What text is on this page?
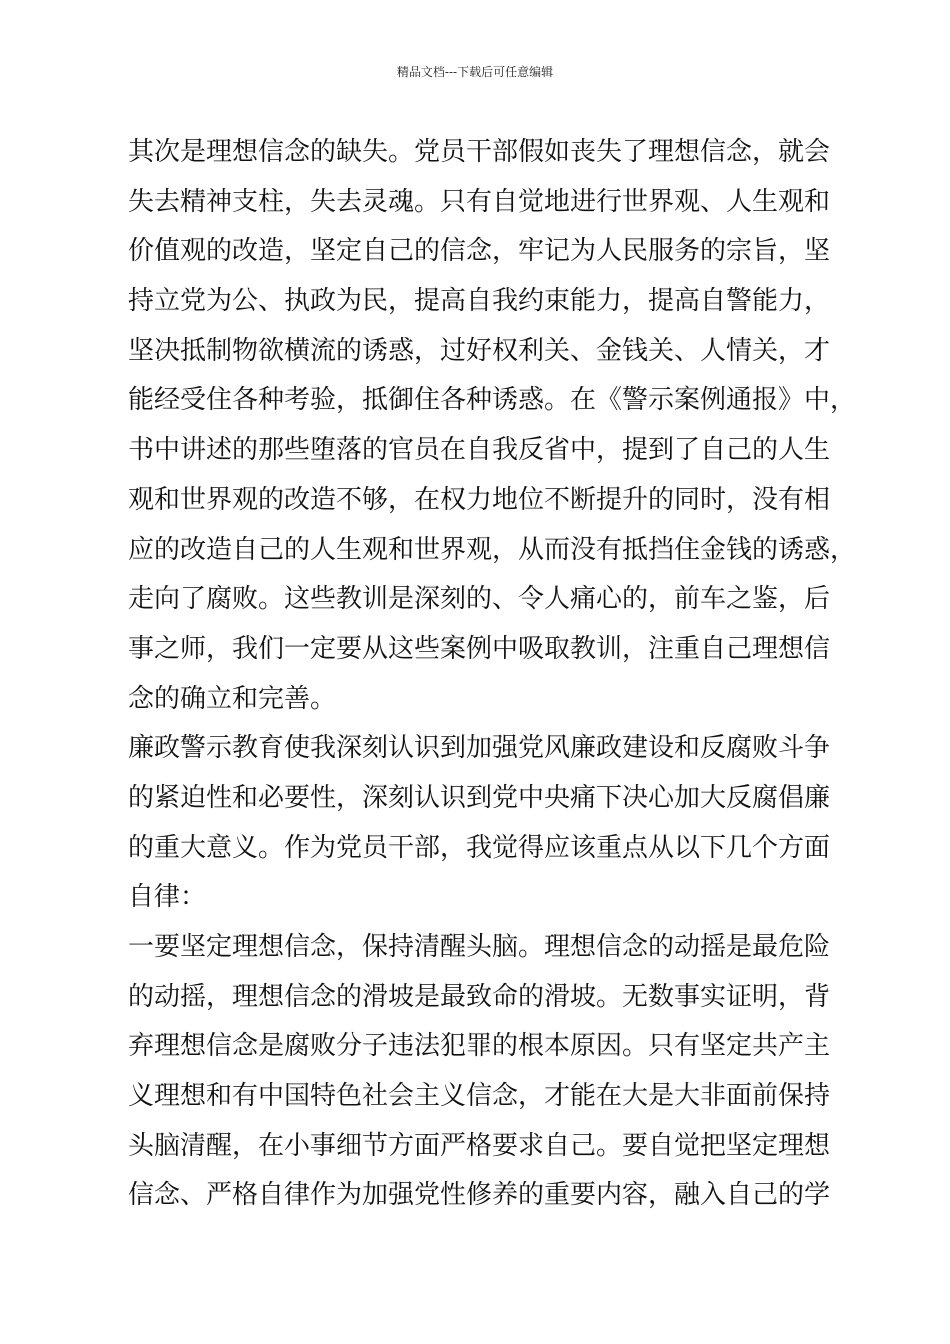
精品文档---下载后可任意编辑
其次是理想信念的缺失。党员干部假如丧失了理想信念，就会
失去精神支柱，失去灵魂。只有自觉地进行世界观、人生观和
价值观的改造，坚定自己的信念，牢记为人民服务的宗旨，坚
持立党为公、执政为民，提高自我约束能力，提高自警能力，
坚决抵制物欲横流的诱惑，过好权利关、金钱关、人情关，才
能经受住各种考验，抵御住各种诱惑。在《警示案例通报》中，
书中讲述的那些堕落的官员在自我反省中，提到了自己的人生
观和世界观的改造不够，在权力地位不断提升的同时，没有相
应的改造自己的人生观和世界观，从而没有抵挡住金钱的诱惑，
走向了腐败。这些教训是深刻的、令人痛心的，前车之鉴，后
事之师，我们一定要从这些案例中吸取教训，注重自己理想信
念的确立和完善。
廉政警示教育使我深刻认识到加强党风廉政建设和反腐败斗争
的紧迫性和必要性，深刻认识到党中央痛下决心加大反腐倡廉
的重大意义。作为党员干部，我觉得应该重点从以下几个方面
自律：
一要坚定理想信念，保持清醒头脑。理想信念的动摇是最危险
的动摇，理想信念的滑坡是最致命的滑坡。无数事实证明，背
弃理想信念是腐败分子违法犯罪的根本原因。只有坚定共产主
义理想和有中国特色社会主义信念，才能在大是大非面前保持
头脑清醒，在小事细节方面严格要求自己。要自觉把坚定理想
信念、严格自律作为加强党性修养的重要内容，融入自己的学
